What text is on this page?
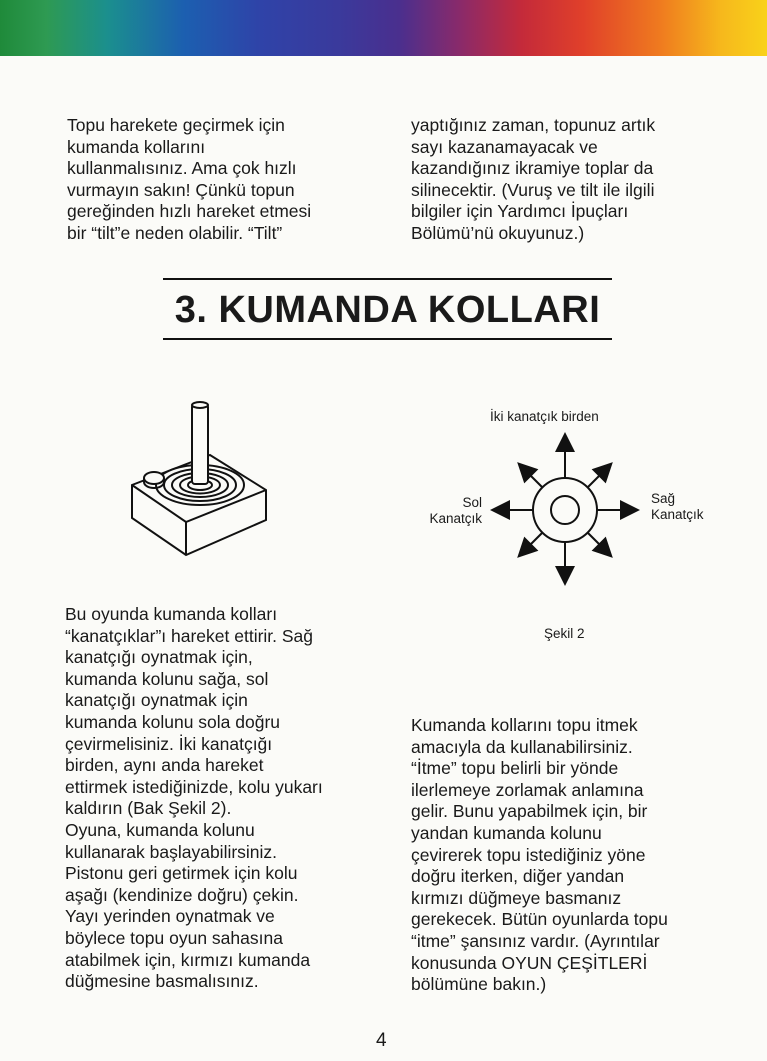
Topu harekete geçirmek için
kumanda kollarını
kullanmalısınız. Ama çok hızlı
vurmayın sakın! Çünkü topun
gereğinden hızlı hareket etmesi
bir “tilt”e neden olabilir. “Tilt”

yaptığınız zaman, topunuz artık
sayı kazanamayacak ve
kazandığınız ikramiye toplar da
silinecektir. (Vuruş ve tilt ile ilgili
bilgiler için Yardımcı İpuçları
Bölümü’nü okuyunuz.)

3. KUMANDA KOLLARI
İki kanatçık birden
Sol
Kanatçık
Sağ
Kanatçık
Şekil 2

Bu oyunda kumanda kolları
“kanatçıklar”ı hareket ettirir. Sağ
kanatçığı oynatmak için,
kumanda kolunu sağa, sol
kanatçığı oynatmak için
kumanda kolunu sola doğru
çevirmelisiniz. İki kanatçığı
birden, aynı anda hareket
ettirmek istediğinizde, kolu yukarı
kaldırın (Bak Şekil 2).
Oyuna, kumanda kolunu
kullanarak başlayabilirsiniz.
Pistonu geri getirmek için kolu
aşağı (kendinize doğru) çekin.
Yayı yerinden oynatmak ve
böylece topu oyun sahasına
atabilmek için, kırmızı kumanda
düğmesine basmalısınız.

Kumanda kollarını topu itmek
amacıyla da kullanabilirsiniz.
“İtme” topu belirli bir yönde
ilerlemeye zorlamak anlamına
gelir. Bunu yapabilmek için, bir
yandan kumanda kolunu
çevirerek topu istediğiniz yöne
doğru iterken, diğer yandan
kırmızı düğmeye basmanız
gerekecek. Bütün oyunlarda topu
“itme” şansınız vardır. (Ayrıntılar
konusunda OYUN ÇEŞİTLERİ
bölümüne bakın.)

4
